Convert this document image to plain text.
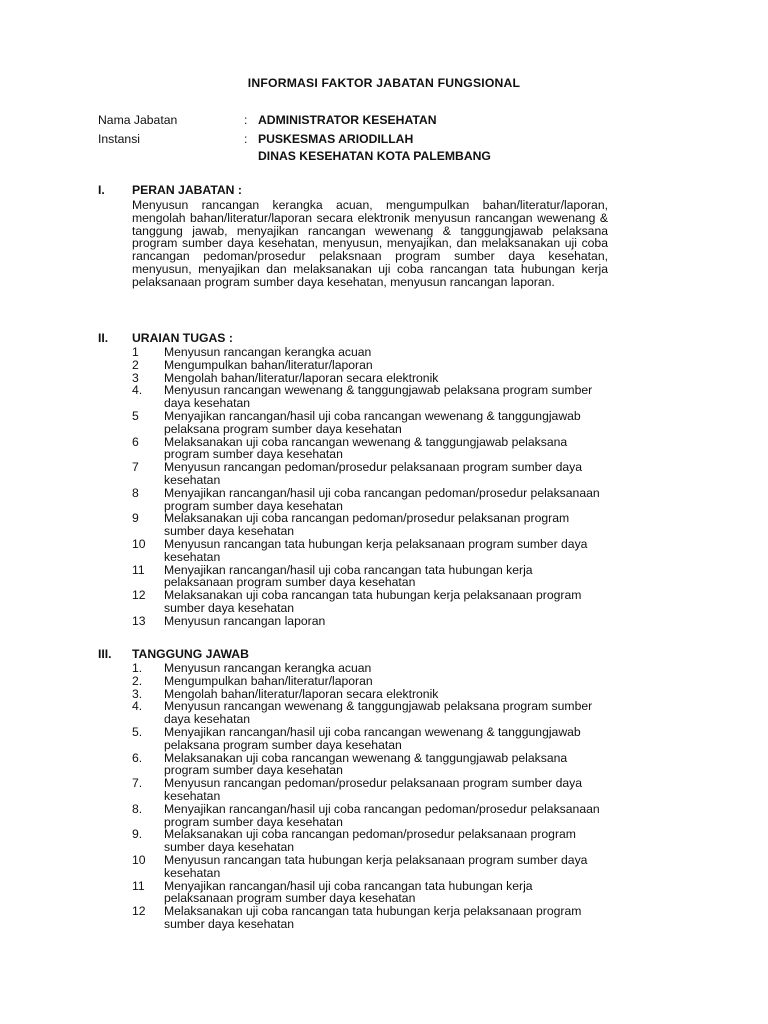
INFORMASI FAKTOR JABATAN FUNGSIONAL
Nama Jabatan	: ADMINISTRATOR KESEHATAN
Instansi	: PUSKESMAS ARIODILLAH
DINAS KESEHATAN KOTA PALEMBANG
I. PERAN JABATAN :
Menyusun rancangan kerangka acuan, mengumpulkan bahan/literatur/laporan, mengolah bahan/literatur/laporan secara elektronik menyusun rancangan wewenang & tanggung jawab, menyajikan rancangan wewenang & tanggungjawab pelaksana program sumber daya kesehatan, menyusun, menyajikan, dan melaksanakan uji coba rancangan pedoman/prosedur pelaksnaan program sumber daya kesehatan, menyusun, menyajikan dan melaksanakan uji coba rancangan tata hubungan kerja pelaksanaan program sumber daya kesehatan, menyusun rancangan laporan.
II. URAIAN TUGAS :
1 Menyusun rancangan kerangka acuan
2 Mengumpulkan bahan/literatur/laporan
3 Mengolah bahan/literatur/laporan secara elektronik
4. Menyusun rancangan wewenang & tanggungjawab pelaksana program sumber daya kesehatan
5 Menyajikan rancangan/hasil uji coba rancangan wewenang & tanggungjawab pelaksana program sumber daya kesehatan
6 Melaksanakan uji coba rancangan wewenang & tanggungjawab pelaksana program sumber daya kesehatan
7 Menyusun rancangan pedoman/prosedur pelaksanaan program sumber daya kesehatan
8 Menyajikan rancangan/hasil uji coba rancangan pedoman/prosedur pelaksanaan program sumber daya kesehatan
9 Melaksanakan uji coba rancangan pedoman/prosedur pelaksanan program sumber daya kesehatan
10 Menyusun rancangan tata hubungan kerja pelaksanaan program sumber daya kesehatan
11 Menyajikan rancangan/hasil uji coba rancangan tata hubungan kerja pelaksanaan program sumber daya kesehatan
12 Melaksanakan uji coba rancangan tata hubungan kerja pelaksanaan program sumber daya kesehatan
13 Menyusun rancangan laporan
III. TANGGUNG JAWAB
1. Menyusun rancangan kerangka acuan
2. Mengumpulkan bahan/literatur/laporan
3. Mengolah bahan/literatur/laporan secara elektronik
4. Menyusun rancangan wewenang & tanggungjawab pelaksana program sumber daya kesehatan
5. Menyajikan rancangan/hasil uji coba rancangan wewenang & tanggungjawab pelaksana program sumber daya kesehatan
6. Melaksanakan uji coba rancangan wewenang & tanggungjawab pelaksana program sumber daya kesehatan
7. Menyusun rancangan pedoman/prosedur pelaksanaan program sumber daya kesehatan
8. Menyajikan rancangan/hasil uji coba rancangan pedoman/prosedur pelaksanaan program sumber daya kesehatan
9. Melaksanakan uji coba rancangan pedoman/prosedur pelaksanaan program sumber daya kesehatan
10 Menyusun rancangan tata hubungan kerja pelaksanaan program sumber daya kesehatan
11 Menyajikan rancangan/hasil uji coba rancangan tata hubungan kerja pelaksanaan program sumber daya kesehatan
12 Melaksanakan uji coba rancangan tata hubungan kerja pelaksanaan program sumber daya kesehatan
